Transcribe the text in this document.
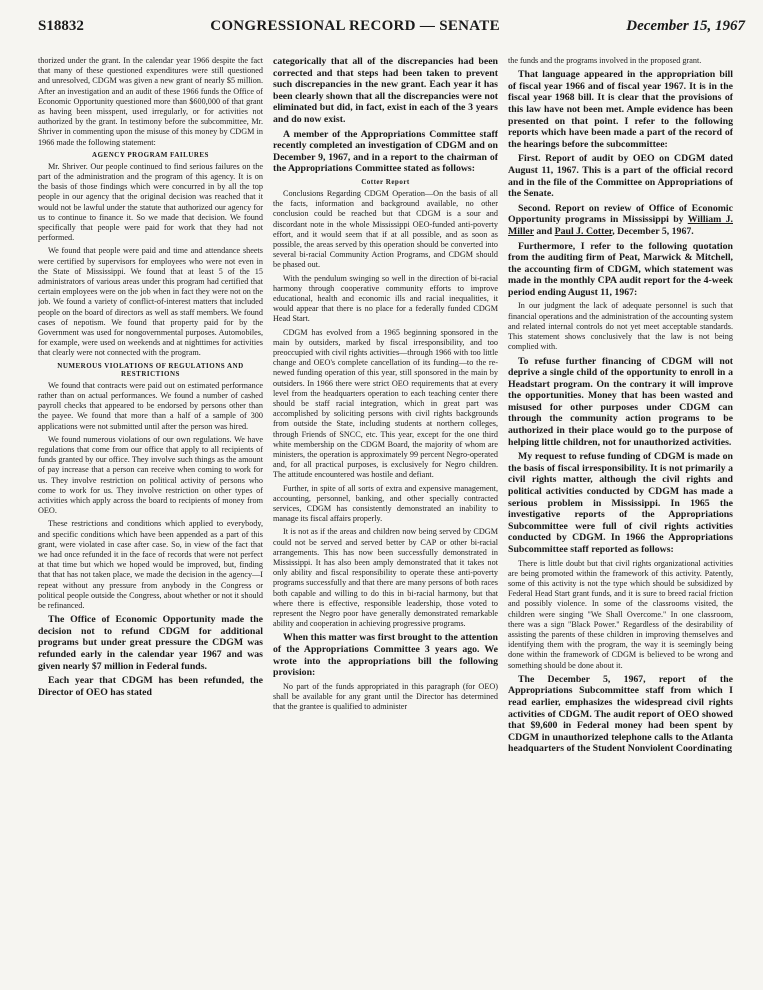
S18832	CONGRESSIONAL RECORD — SENATE	December 15, 1967

thorized under the grant. In the calendar year 1966 despite the fact that many of these questioned expenditures were still questioned and unresolved, CDGM was given a new grant of nearly $5 million. After an investigation and an audit of these 1966 funds the Office of Economic Opportunity questioned more than $600,000 of that grant as having been misspent, used irregularly, or for activities not authorized by the grant. In testimony before the subcommittee, Mr. Shriver in commenting upon the misuse of this money by CDGM in 1966 made the following statement:

AGENCY PROGRAM FAILURES

Mr. Shriver. Our people continued to find serious failures on the part of the administration and the program of this agency. It is on the basis of those findings which were concurred in by all the top people in our agency that the original decision was reached that it would not be lawful under the statute that authorized our agency for us to continue to finance it. So we made that decision. We found specifically that people were paid for work that they had not performed.

We found that people were paid and time and attendance sheets were certified by supervisors for employees who were not even in the State of Mississippi. We found that at least 5 of the 15 administrators of various areas under this program had certified that certain employees were on the job when in fact they were not on the job. We found a variety of conflict-of-interest matters that included people on the board of directors as well as staff members. We found cases of nepotism. We found that property paid for by the Government was used for nongovernmental purposes. Automobiles, for example, were used on weekends and at nighttimes for activities that clearly were not connected with the program.

NUMEROUS VIOLATIONS OF REGULATIONS AND RESTRICTIONS

We found that contracts were paid out on estimated performance rather than on actual performances. We found a number of cashed payroll checks that appeared to be endorsed by persons other than the payee. We found that more than a half of a sample of 300 applications were not submitted until after the person was hired.

We found numerous violations of our own regulations. We have regulations that come from our office that apply to all recipients of funds granted by our office. They involve such things as the amount of pay increase that a person can receive when coming to work for us. They involve restriction on political activity of persons who come to work for us. They involve restriction on other types of activities which apply across the board to recipients of money from OEO.

These restrictions and conditions which applied to everybody, and specific conditions which have been appended as a part of this grant, were violated in case after case. So, in view of the fact that we had once refunded it in the face of records that were not perfect at that time but which we hoped would be improved, but, finding that that has not taken place, we made the decision in the agency—I repeat without any pressure from anybody in the Congress or political people outside the Congress, about whether or not it should be refinanced.

The Office of Economic Opportunity made the decision not to refund CDGM for additional programs but under great pressure the CDGM was refunded early in the calendar year 1967 and was given nearly $7 million in Federal funds.

Each year that CDGM has been refunded, the Director of OEO has stated

categorically that all of the discrepancies had been corrected and that steps had been taken to prevent such discrepancies in the new grant. Each year it has been clearly shown that all the discrepancies were not eliminated but did, in fact, exist in each of the 3 years and do now exist.

A member of the Appropriations Committee staff recently completed an investigation of CDGM and on December 9, 1967, and in a report to the chairman of the Appropriations Committee stated as follows:

Cotter Report

Conclusions Regarding CDGM Operation—On the basis of all the facts, information and background available, no other conclusion could be reached but that CDGM is a sour and discordant note in the whole Mississippi OEO-funded anti-poverty effort, and it would seem that if at all possible, and as soon as possible, the areas served by this operation should be converted into several bi-racial Community Action Programs, and CDGM should be phased out.

With the pendulum swinging so well in the direction of bi-racial harmony through cooperative community efforts to improve educational, health and economic ills and racial inequalities, it would appear that there is no place for a federally funded CDGM Head Start.

CDGM has evolved from a 1965 beginning sponsored in the main by outsiders, marked by fiscal irresponsibility, and too preoccupied with civil rights activities—through 1966 with too little change and OEO's complete cancellation of its funding—to the re-newed funding operation of this year, still sponsored in the main by outsiders. In 1966 there were strict OEO requirements that at every level from the headquarters operation to each teaching center there should be staff racial integration, which in great part was accomplished by soliciting persons with civil rights backgrounds from outside the State, including students at northern colleges, through Friends of SNCC, etc. This year, except for the one third white membership on the CDGM Board, the majority of whom are ministers, the operation is approximately 99 percent Negro-operated and, for all practical purposes, is exclusively for Negro children. The attitude encountered was hostile and defiant.

Further, in spite of all sorts of extra and expensive management, accounting, personnel, banking, and other specially contracted services, CDGM has consistently demonstrated an inability to manage its fiscal affairs properly.

It is not as if the areas and children now being served by CDGM could not be served and served better by CAP or other bi-racial arrangements. This has now been successfully demonstrated in Mississippi. It has also been amply demonstrated that it takes not only ability and fiscal responsibility to operate these anti-poverty programs successfully and that there are many persons of both races both capable and willing to do this in bi-racial harmony, but that where there is effective, responsible leadership, those voted to represent the Negro poor have generally demonstrated remarkable ability and cooperation in achieving progressive programs.

When this matter was first brought to the attention of the Appropriations Committee 3 years ago. We wrote into the appropriations bill the following provision:

No part of the funds appropriated in this paragraph (for OEO) shall be available for any grant until the Director has determined that the grantee is qualified to administer

the funds and the programs involved in the proposed grant.

That language appeared in the appropriation bill of fiscal year 1966 and of fiscal year 1967. It is in the fiscal year 1968 bill. It is clear that the provisions of this law have not been met. Ample evidence has been presented on that point. I refer to the following reports which have been made a part of the record of the hearings before the subcommittee:

First. Report of audit by OEO on CDGM dated August 11, 1967. This is a part of the official record and in the file of the Committee on Appropriations of the Senate.

Second. Report on review of Office of Economic Opportunity programs in Mississippi by William J. Miller and Paul J. Cotter, December 5, 1967.

Furthermore, I refer to the following quotation from the auditing firm of Peat, Marwick & Mitchell, the accounting firm of CDGM, which statement was made in the monthly CPA audit report for the 4-week period ending August 11, 1967:

In our judgment the lack of adequate personnel is such that financial operations and the administration of the accounting system and related internal controls do not yet meet acceptable standards. This statement shows conclusively that the law is not being complied with.

To refuse further financing of CDGM will not deprive a single child of the opportunity to enroll in a Headstart program. On the contrary it will improve the opportunities. Money that has been wasted and misused for other purposes under CDGM can through the community action programs to be authorized in their place would go to the purpose of helping little children, not for unauthorized activities.

My request to refuse funding of CDGM is made on the basis of fiscal irresponsibility. It is not primarily a civil rights matter, although the civil rights and political activities conducted by CDGM has made a serious problem in Mississippi. In 1965 the investigative reports of the Appropriations Subcommittee were full of civil rights activities conducted by CDGM. In 1966 the Appropriations Subcommittee staff reported as follows:

There is little doubt but that civil rights organizational activities are being promoted within the framework of this activity. Patently, some of this activity is not the type which should be subsidized by Federal Head Start grant funds, and it is sure to breed racial friction and possibly violence. In some of the classrooms visited, the children were singing "We Shall Overcome." In one classroom, there was a sign "Black Power." Regardless of the desirability of assisting the parents of these children in improving themselves and identifying them with the program, the way it is seemingly being done within the framework of CDGM is believed to be wrong and something should be done about it.

The December 5, 1967, report of the Appropriations Subcommittee staff from which I read earlier, emphasizes the widespread civil rights activities of CDGM. The audit report of OEO showed that $9,600 in Federal money had been spent by CDGM in unauthorized telephone calls to the Atlanta headquarters of the Student Nonviolent Coordinating
